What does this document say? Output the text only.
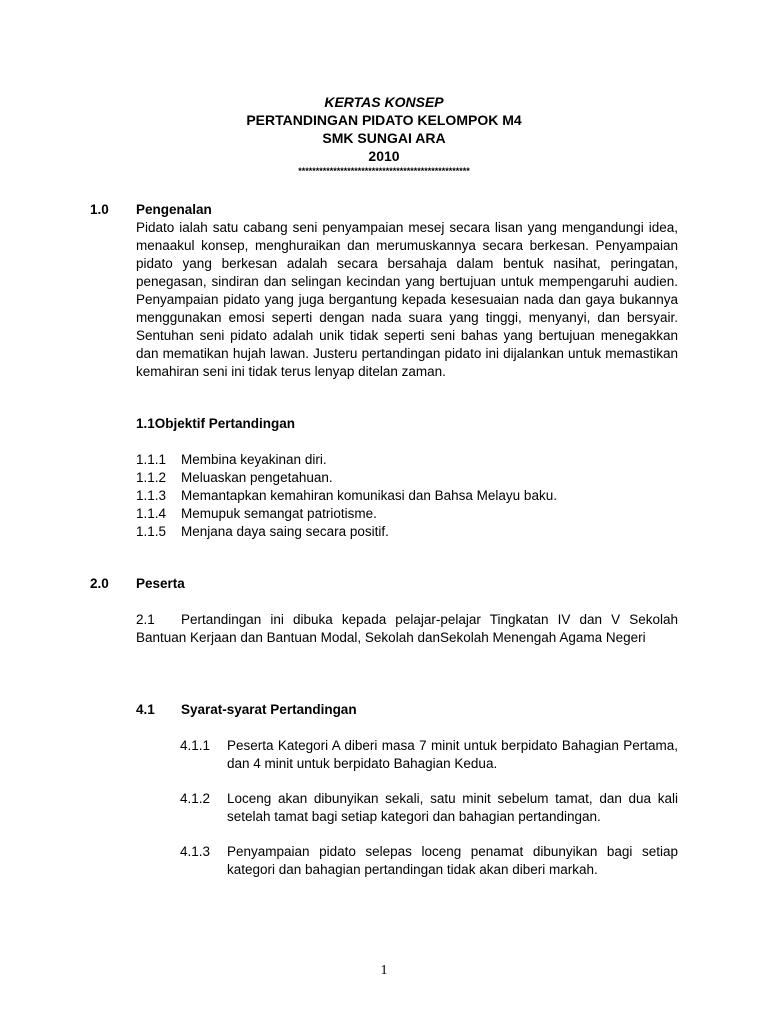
KERTAS KONSEP
PERTANDINGAN PIDATO KELOMPOK M4
SMK SUNGAI ARA
2010
*************************************************
1.0 Pengenalan
Pidato ialah satu cabang seni penyampaian mesej secara lisan yang mengandungi idea, menaakul konsep, menghuraikan dan merumuskannya secara berkesan. Penyampaian pidato yang berkesan adalah secara bersahaja dalam bentuk nasihat, peringatan, penegasan, sindiran dan selingan kecindan yang bertujuan untuk mempengaruhi audien. Penyampaian pidato yang juga bergantung kepada kesesuaian nada dan gaya bukannya menggunakan emosi seperti dengan nada suara yang tinggi, menyanyi, dan bersyair. Sentuhan seni pidato adalah unik tidak seperti seni bahas yang bertujuan menegakkan dan mematikan hujah lawan. Justeru pertandingan pidato ini dijalankan untuk memastikan kemahiran seni ini tidak terus lenyap ditelan zaman.
1.1Objektif Pertandingan
1.1.1	Membina keyakinan diri.
1.1.2	Meluaskan pengetahuan.
1.1.3	Memantapkan kemahiran komunikasi dan Bahsa Melayu baku.
1.1.4	Memupuk semangat patriotisme.
1.1.5	Menjana daya saing secara positif.
2.0 Peserta
2.1 Pertandingan ini dibuka kepada pelajar-pelajar Tingkatan IV dan V Sekolah Bantuan Kerjaan dan Bantuan Modal, Sekolah danSekolah Menengah Agama Negeri
4.1 Syarat-syarat Pertandingan
4.1.1	Peserta Kategori A diberi masa 7 minit untuk berpidato Bahagian Pertama, dan 4 minit untuk berpidato Bahagian Kedua.
4.1.2	Loceng akan dibunyikan sekali, satu minit sebelum tamat, dan dua kali setelah tamat bagi setiap kategori dan bahagian pertandingan.
4.1.3	Penyampaian pidato selepas loceng penamat dibunyikan bagi setiap kategori dan bahagian pertandingan tidak akan diberi markah.
1
